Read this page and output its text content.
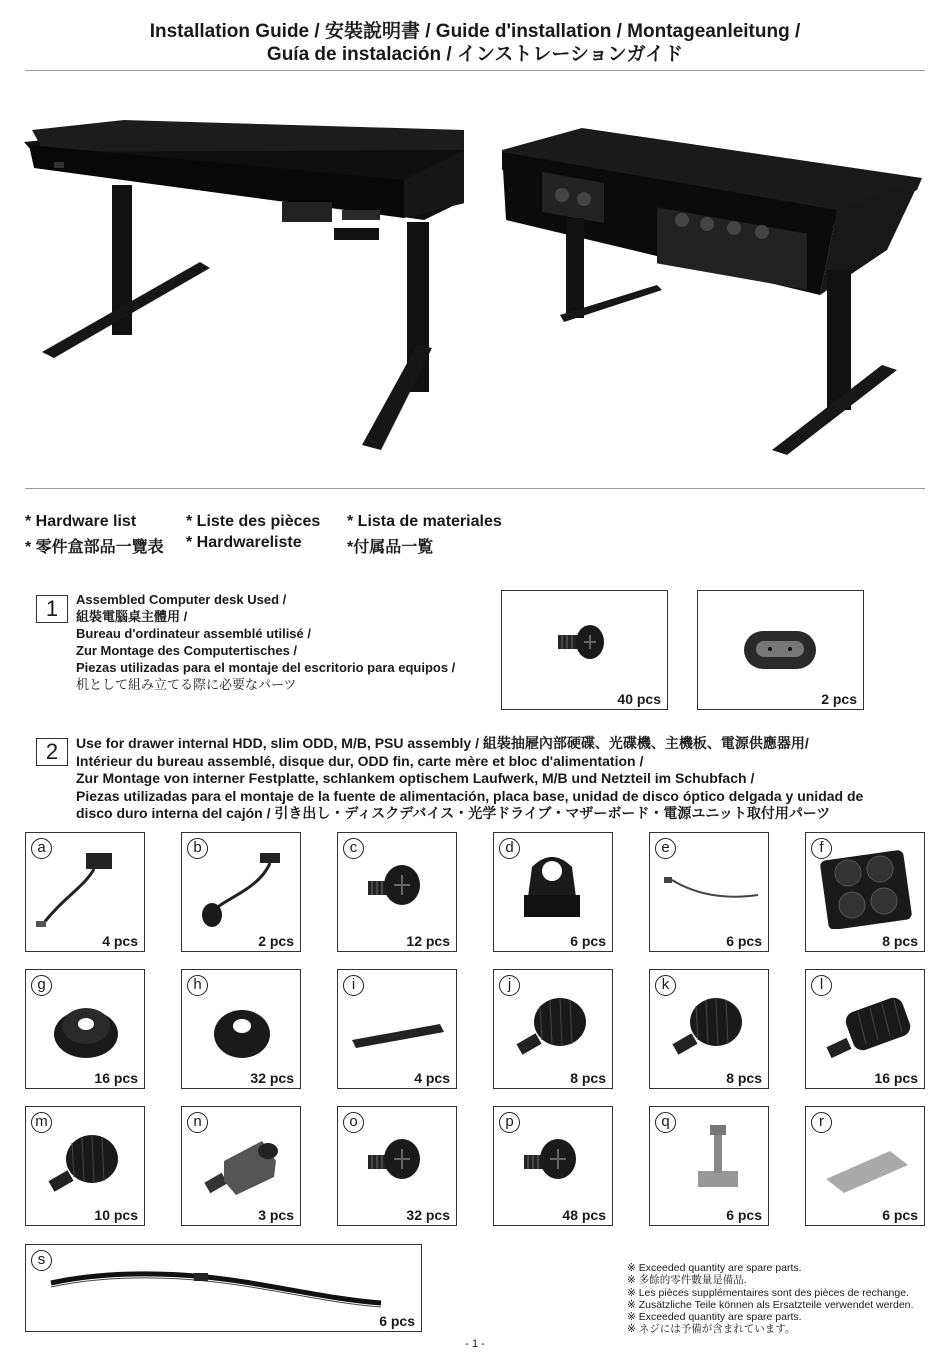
Installation Guide / 安裝說明書 / Guide d'installation / Montageanleitung /
Guía de instalación / インストレーションガイド
* Hardware list
* 零件盒部品一覽表
* Liste des pièces
* Hardwareliste
* Lista de materiales
*付属品一覧
1	Assembled Computer desk Used /
組裝電腦桌主體用 /
Bureau d'ordinateur assemblé utilisé /
Zur Montage des Computertisches /
Piezas utilizadas para el montaje del escritorio para equipos /
机として組み立てる際に必要なパーツ
40 pcs	2 pcs
2	Use for drawer internal HDD, slim ODD, M/B, PSU assembly / 組裝抽屜內部硬碟、光碟機、主機板、電源供應器用/
Intérieur du bureau assemblé, disque dur, ODD fin, carte mère et bloc d'alimentation /
Zur Montage von interner Festplatte, schlankem optischem Laufwerk, M/B und Netzteil im Schubfach /
Piezas utilizadas para el montaje de la fuente de alimentación, placa base, unidad de disco óptico delgada y unidad de
disco duro interna del cajón / 引き出し・ディスクデバイス・光学ドライブ・マザーボード・電源ユニット取付用パーツ
a
4 pcs
b
2 pcs
c
12 pcs
d
6 pcs
e
6 pcs
f
8 pcs
g
16 pcs
h
32 pcs
i
4 pcs
j
8 pcs
k
8 pcs
l
16 pcs
m
10 pcs
n
3 pcs
o
32 pcs
p
48 pcs
q
6 pcs
r
6 pcs
s
6 pcs
※ Exceeded quantity are spare parts.
※ 多餘的零件數量是備品.
※ Les pièces supplémentaires sont des pièces de rechange.
※ Zusätzliche Teile können als Ersatzteile verwendet werden.
※ Exceeded quantity are spare parts.
※ ネジには予備が含まれています。
- 1 -
